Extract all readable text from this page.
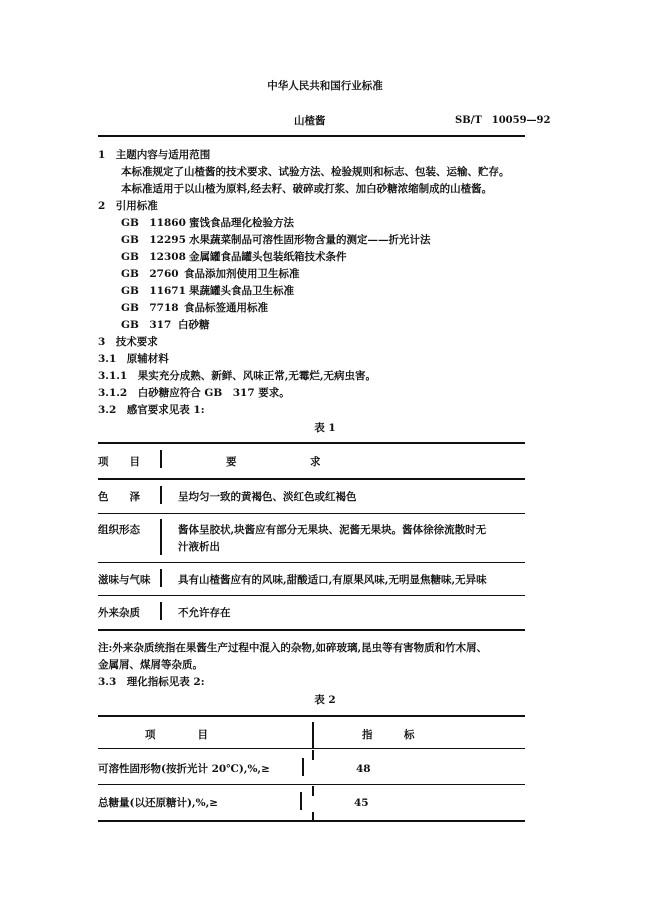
中华人民共和国行业标准
山楂酱	SB/T　10059—92
1　主题内容与适用范围
本标准规定了山楂酱的技术要求、试验方法、检验规则和标志、包装、运输、贮存。
本标准适用于以山楂为原料,经去籽、破碎或打浆、加白砂糖浓缩制成的山楂酱。
2　引用标准
GB　11860 蜜饯食品理化检验方法
GB　12295 水果蔬菜制品可溶性固形物含量的测定——折光计法
GB　12308 金属罐食品罐头包装纸箱技术条件
GB　2760 食品添加剂使用卫生标准
GB　11671 果蔬罐头食品卫生标准
GB　7718 食品标签通用标准
GB　317 白砂糖
3　技术要求
3.1　原辅材料
3.1.1　果实充分成熟、新鲜、风味正常,无霉烂,无病虫害。
3.1.2　白砂糖应符合 GB　317 要求。
3.2　感官要求见表 1:
表 1
项　　目	要　　　　　　　求
色　　泽	呈均匀一致的黄褐色、淡红色或红褐色
组织形态	酱体呈胶状,块酱应有部分无果块、泥酱无果块。酱体徐徐流散时无
汁液析出
滋味与气味	具有山楂酱应有的风味,甜酸适口,有原果风味,无明显焦糖味,无异味
外来杂质	不允许存在
注:外来杂质统指在果酱生产过程中混入的杂物,如碎玻璃,昆虫等有害物质和竹木屑、
金属屑、煤屑等杂质。
3.3　理化指标见表 2:
表 2
项　　　　目	指　　　标
可溶性固形物(按折光计 20℃),%,≥	48
总糖量(以还原糖计),%,≥	45
